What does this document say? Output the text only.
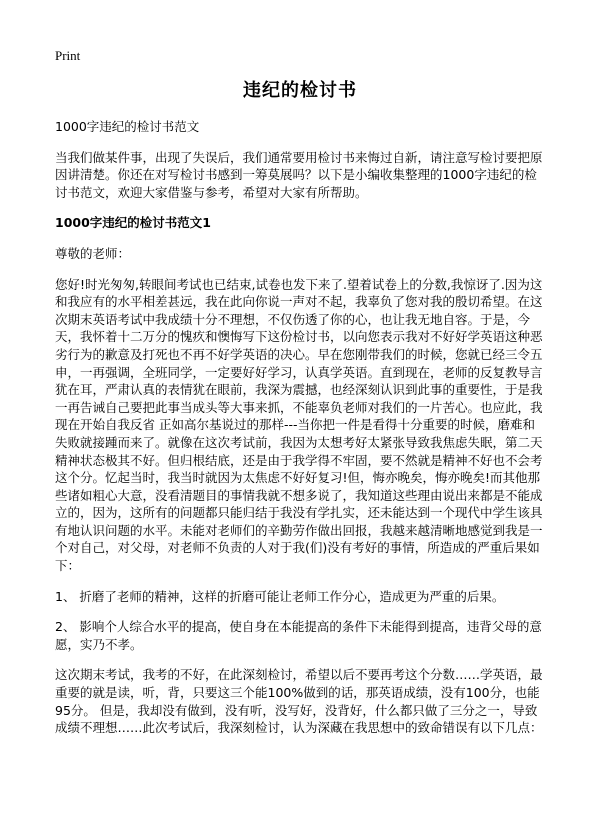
Print
违纪的检讨书

1000字违纪的检讨书范文

当我们做某件事，出现了失误后，我们通常要用检讨书来悔过自新，请注意写检讨要把原因讲清楚。你还在对写检讨书感到一筹莫展吗？以下是小编收集整理的1000字违纪的检讨书范文，欢迎大家借鉴与参考，希望对大家有所帮助。

1000字违纪的检讨书范文1

尊敬的老师：

您好!时光匆匆,转眼间考试也已结束,试卷也发下来了.望着试卷上的分数,我惊讶了.因为这和我应有的水平相差甚远，我在此向你说一声对不起，我辜负了您对我的殷切希望。在这次期末英语考试中我成绩十分不理想，不仅伤透了你的心，也让我无地自容。于是，今天，我怀着十二万分的愧疚和懊悔写下这份检讨书，以向您表示我对不好好学英语这种恶劣行为的歉意及打死也不再不好学英语的决心。早在您刚带我们的时候，您就已经三令五申，一再强调，全班同学，一定要好好学习，认真学英语。直到现在，老师的反复教导言犹在耳，严肃认真的表情犹在眼前，我深为震撼，也经深刻认识到此事的重要性，于是我一再告诫自己要把此事当成头等大事来抓，不能辜负老师对我们的一片苦心。也应此，我现在开始自我反省 正如高尔基说过的那样---当你把一件是看得十分重要的时候，磨难和失败就接踵而来了。就像在这次考试前，我因为太想考好太紧张导致我焦虑失眠，第二天精神状态极其不好。但归根结底，还是由于我学得不牢固，要不然就是精神不好也不会考这个分。忆起当时，我当时就因为太焦虑不好好复习!但，悔亦晚矣，悔亦晚矣!而其他那些诸如粗心大意，没看清题目的事情我就不想多说了，我知道这些理由说出来都是不能成立的，因为，这所有的问题都只能归结于我没有学扎实，还未能达到一个现代中学生该具有地认识问题的水平。未能对老师们的辛勤劳作做出回报，我越来越清晰地感觉到我是一个对自己，对父母，对老师不负责的人对于我(们)没有考好的事情，所造成的严重后果如下：

1、 折磨了老师的精神，这样的折磨可能让老师工作分心，造成更为严重的后果。

2、 影响个人综合水平的提高，使自身在本能提高的条件下未能得到提高，违背父母的意愿，实乃不孝。

这次期末考试，我考的不好，在此深刻检讨，希望以后不要再考这个分数……学英语，最重要的就是读，听，背，只要这三个能100%做到的话，那英语成绩，没有100分，也能95分。 但是，我却没有做到，没有听，没写好，没背好，什么都只做了三分之一，导致成绩不理想……此次考试后，我深刻检讨，认为深藏在我思想中的致命错误有以下几点：
